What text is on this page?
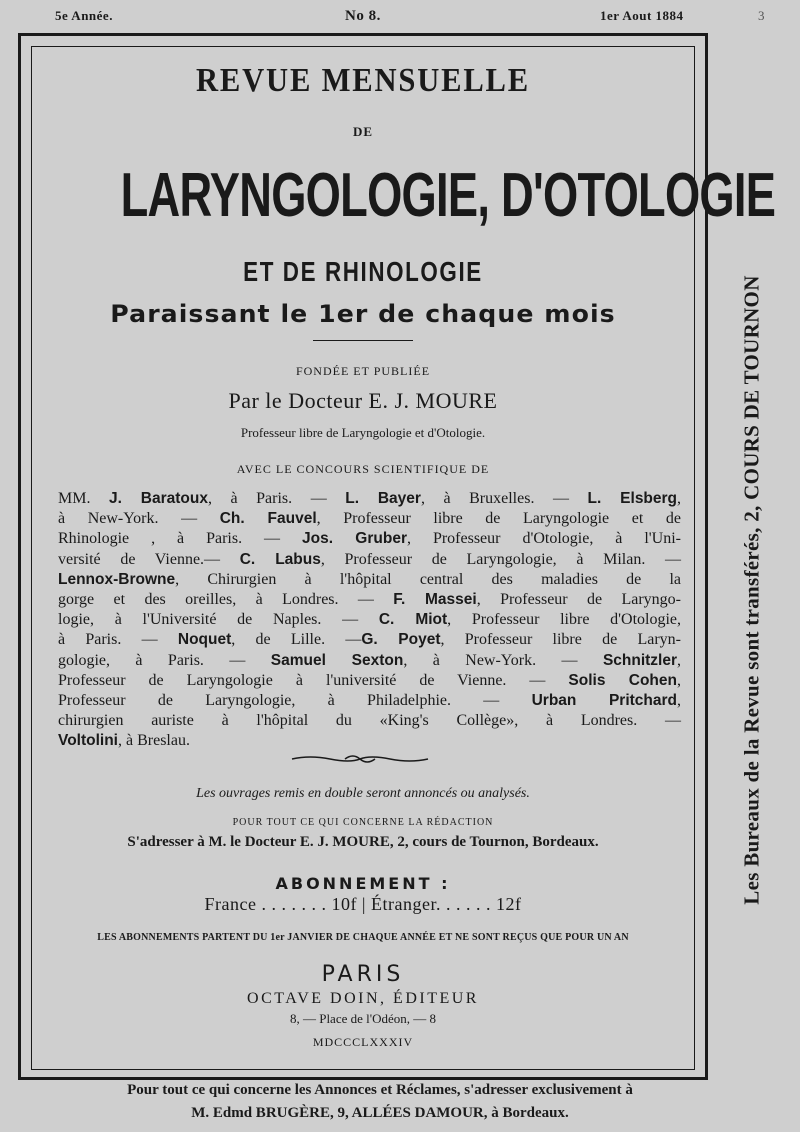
5e Année.	No 8.	1er Aout 1884	3
REVUE MENSUELLE
DE
LARYNGOLOGIE, D'OTOLOGIE
ET DE RHINOLOGIE
Paraissant le 1er de chaque mois
FONDÉE ET PUBLIÉE
Par le Docteur E. J. MOURE
Professeur libre de Laryngologie et d'Otologie.
AVEC LE CONCOURS SCIENTIFIQUE DE
MM. J. Baratoux, à Paris. — L. Bayer, à Bruxelles. — L. Elsberg,
à New-York. — Ch. Fauvel, Professeur libre de Laryngologie et de
Rhinologie , à Paris. — Jos. Gruber, Professeur d'Otologie, à l'Uni-
versité de Vienne.— C. Labus, Professeur de Laryngologie, à Milan. —
Lennox-Browne, Chirurgien à l'hôpital central des maladies de la
gorge et des oreilles, à Londres. — F. Massei, Professeur de Laryngo-
logie, à l'Université de Naples. — C. Miot, Professeur libre d'Otologie,
à Paris. — Noquet, de Lille. —G. Poyet, Professeur libre de Laryn-
gologie, à Paris. — Samuel Sexton, à New-York. — Schnitzler,
Professeur de Laryngologie à l'université de Vienne. — Solis Cohen,
Professeur de Laryngologie, à Philadelphie. — Urban Pritchard,
chirurgien auriste à l'hôpital du «King's Collège», à Londres. —
Voltolini, à Breslau.
Les ouvrages remis en double seront annoncés ou analysés.
POUR TOUT CE QUI CONCERNE LA RÉDACTION
S'adresser à M. le Docteur E. J. MOURE, 2, cours de Tournon, Bordeaux.
ABONNEMENT :
France . . . . . . . 10f | Étranger. . . . . . 12f
LES ABONNEMENTS PARTENT DU 1er JANVIER DE CHAQUE ANNÉE ET NE SONT REÇUS QUE POUR UN AN
PARIS
OCTAVE DOIN, ÉDITEUR
8, — Place de l'Odéon, — 8
MDCCCLXXXIV
Pour tout ce qui concerne les Annonces et Réclames, s'adresser exclusivement à
M. Edmd BRUGÈRE, 9, ALLÉES DAMOUR, à Bordeaux.
Les Bureaux de la Revue sont transférés, 2, COURS DE TOURNON
